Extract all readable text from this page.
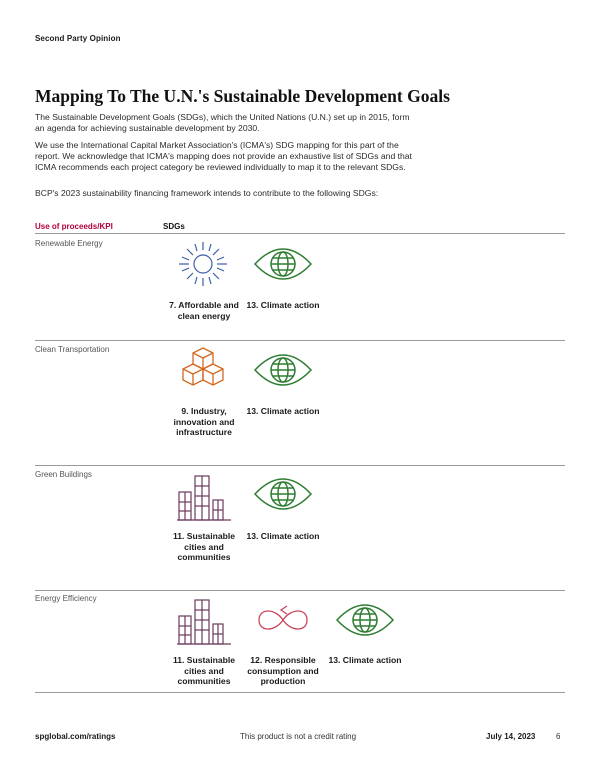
Second Party Opinion
Mapping To The U.N.'s Sustainable Development Goals

The Sustainable Development Goals (SDGs), which the United Nations (U.N.) set up in 2015, form an agenda for achieving sustainable development by 2030.

We use the International Capital Market Association's (ICMA's) SDG mapping for this part of the report. We acknowledge that ICMA's mapping does not provide an exhaustive list of SDGs and that ICMA recommends each project category be reviewed individually to map it to the relevant SDGs.

BCP's 2023 sustainability financing framework intends to contribute to the following SDGs:

Use of proceeds/KPI	SDGs
Renewable Energy
7. Affordable and clean energy
13. Climate action
Clean Transportation
9. Industry, innovation and infrastructure
13. Climate action
Green Buildings
11. Sustainable cities and communities
13. Climate action
Energy Efficiency
11. Sustainable cities and communities
12. Responsible consumption and production
13. Climate action
spglobal.com/ratings	This product is not a credit rating	July 14, 2023	6
